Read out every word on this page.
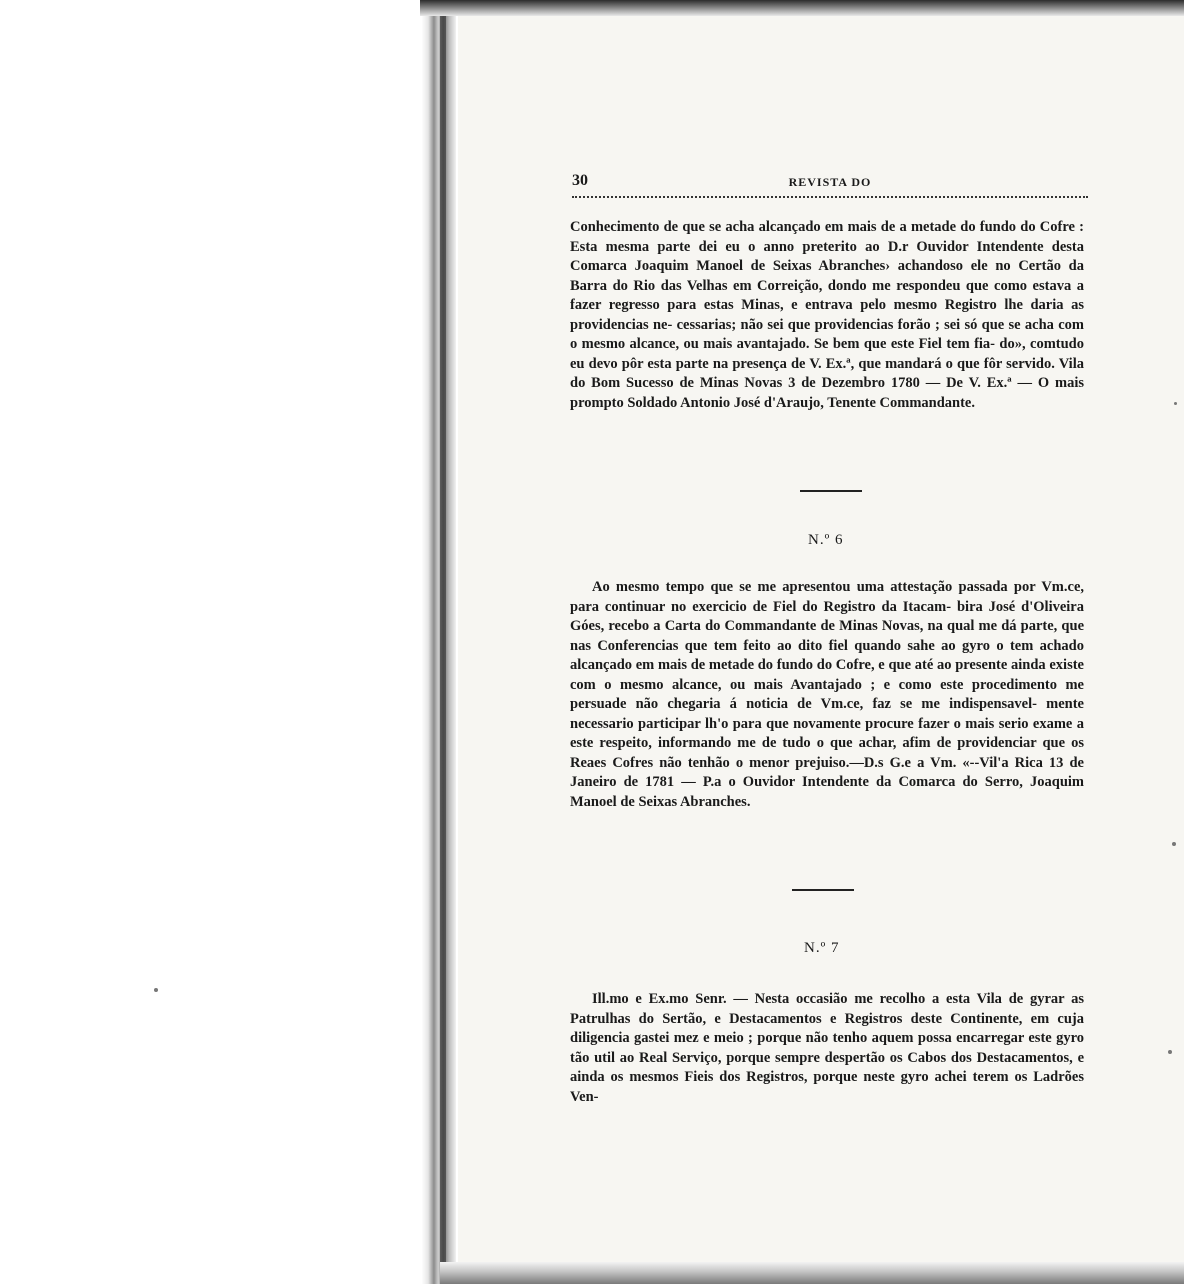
30	REVISTA DO

Conhecimento de que se acha alcançado em mais de a metade do fundo do Cofre : Esta mesma parte dei eu o anno preterito ao D.r Ouvidor Intendente desta Comarca Joaquim Manoel de Seixas Abranches› achandoso ele no Certão da Barra do Rio das Velhas em Correição, dondo me respondeu que como estava a fazer regresso para estas Minas, e entrava pelo mesmo Registro lhe daria as providencias ne- cessarias; não sei que providencias forão ; sei só que se acha com o mesmo alcance, ou mais avantajado. Se bem que este Fiel tem fia- do», comtudo eu devo pôr esta parte na presença de V. Ex.ª, que mandará o que fôr servido. Vila do Bom Sucesso de Minas Novas 3 de Dezembro 1780 — De V. Ex.ª — O mais prompto Soldado Antonio José d'Araujo, Tenente Commandante.

N.º 6

Ao mesmo tempo que se me apresentou uma attestação passada por Vm.ce, para continuar no exercicio de Fiel do Registro da Itacam- bira José d'Oliveira Góes, recebo a Carta do Commandante de Minas Novas, na qual me dá parte, que nas Conferencias que tem feito ao dito fiel quando sahe ao gyro o tem achado alcançado em mais de metade do fundo do Cofre, e que até ao presente ainda existe com o mesmo alcance, ou mais Avantajado ; e como este procedimento me persuade não chegaria á noticia de Vm.ce, faz se me indispensavel- mente necessario participar lh'o para que novamente procure fazer o mais serio exame a este respeito, informando me de tudo o que achar, afim de providenciar que os Reaes Cofres não tenhão o menor prejuiso.—D.s G.e a Vm. «--Vil'a Rica 13 de Janeiro de 1781 — P.a o Ouvidor Intendente da Comarca do Serro, Joaquim Manoel de Seixas Abranches.

N.º 7

Ill.mo e Ex.mo Senr. — Nesta occasião me recolho a esta Vila de gyrar as Patrulhas do Sertão, e Destacamentos e Registros deste Continente, em cuja diligencia gastei mez e meio ; porque não tenho aquem possa encarregar este gyro tão util ao Real Serviço, porque sempre despertão os Cabos dos Destacamentos, e ainda os mesmos Fieis dos Registros, porque neste gyro achei terem os Ladrões Ven-
